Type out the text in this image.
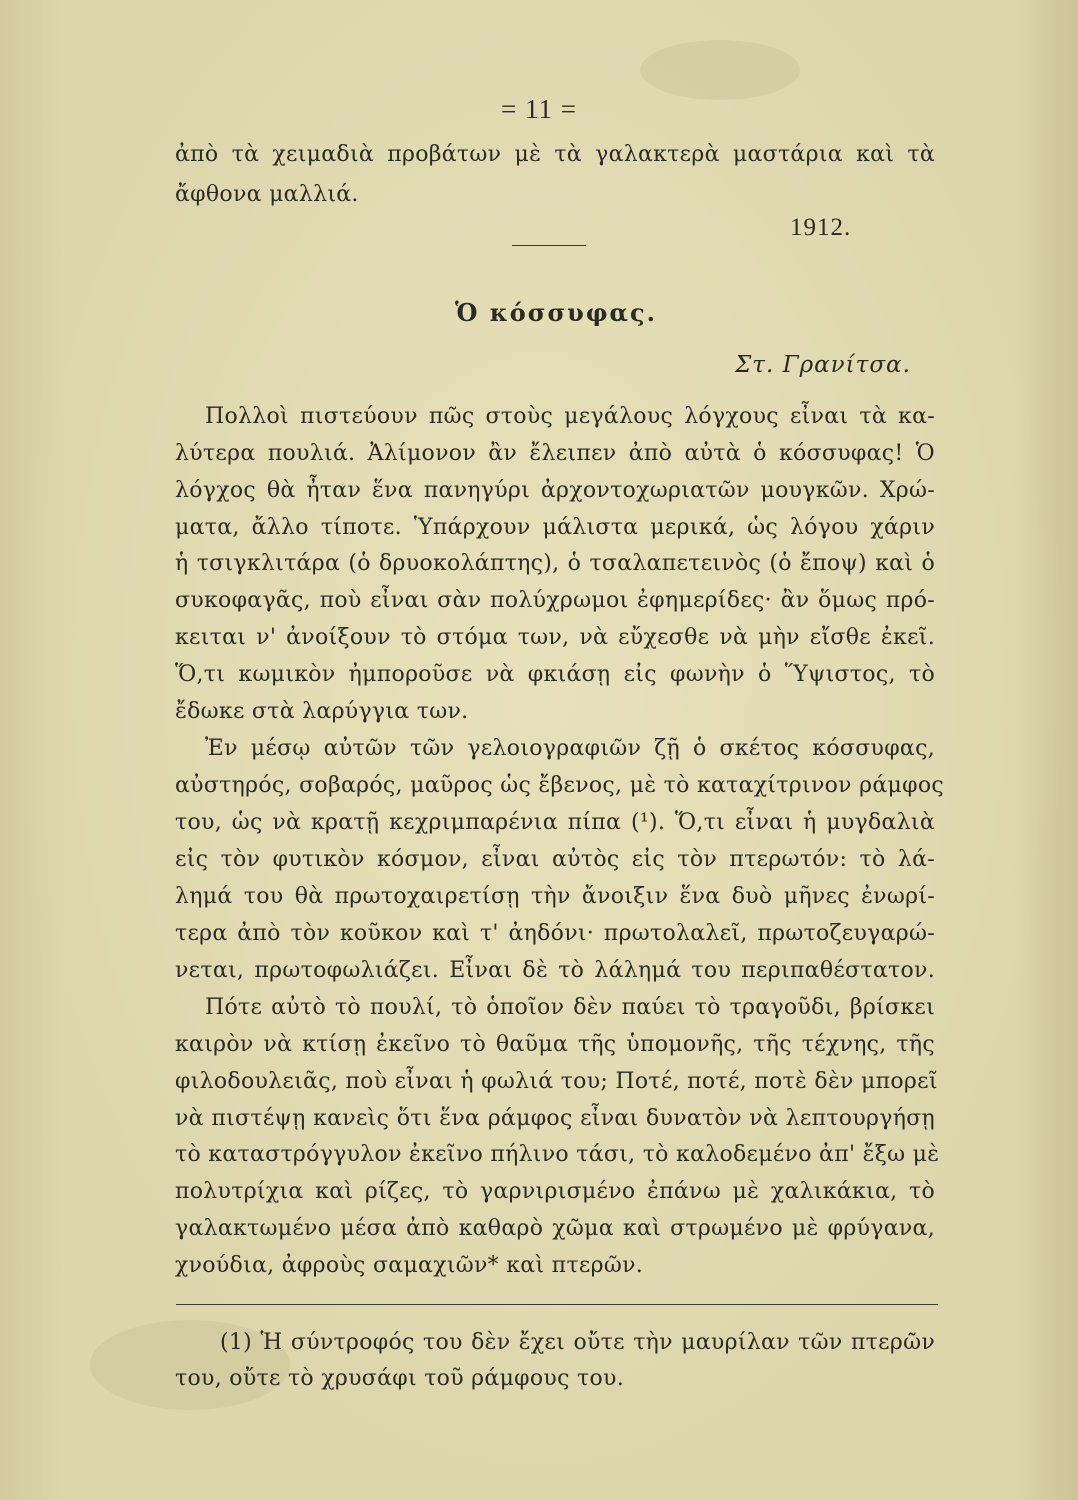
= 11 =
ἀπὸ τὰ χειμαδιὰ προβάτων μὲ τὰ γαλακτερὰ μαστάρια καὶ τὰ
ἄφθονα μαλλιά.
1912.
Ὁ κόσσυφας.
Στ. Γρανίτσα.
Πολλοὶ πιστεύουν πῶς στοὺς μεγάλους λόγχους εἶναι τὰ κα-
λύτερα πουλιά. Ἀλίμονον ἂν ἔλειπεν ἀπὸ αὐτὰ ὁ κόσσυφας! Ὁ
λόγχος θὰ ἦταν ἕνα πανηγύρι ἀρχοντοχωριατῶν μουγκῶν. Χρώ-
ματα, ἄλλο τίποτε. Ὑπάρχουν μάλιστα μερικά, ὡς λόγου χάριν
ἡ τσιγκλιτάρα (ὁ δρυοκολάπτης), ὁ τσαλαπετεινὸς (ὁ ἔποψ) καὶ ὁ
συκοφαγᾶς, ποὺ εἶναι σὰν πολύχρωμοι ἐφημερίδες· ἂν ὅμως πρό-
κειται ν' ἀνοίξουν τὸ στόμα των, νὰ εὔχεσθε νὰ μὴν εἴσθε ἐκεῖ.
Ὅ,τι κωμικὸν ἠμποροῦσε νὰ φκιάσῃ εἰς φωνὴν ὁ Ὕψιστος, τὸ
ἔδωκε στὰ λαρύγγια των.
Ἐν μέσῳ αὐτῶν τῶν γελοιογραφιῶν ζῇ ὁ σκέτος κόσσυφας,
αὐστηρός, σοβαρός, μαῦρος ὡς ἔβενος, μὲ τὸ καταχίτρινον ράμφος
του, ὡς νὰ κρατῇ κεχριμπαρένια πίπα (¹). Ὅ,τι εἶναι ἡ μυγδαλιὰ
εἰς τὸν φυτικὸν κόσμον, εἶναι αὐτὸς εἰς τὸν πτερωτόν: τὸ λά-
λημά του θὰ πρωτοχαιρετίσῃ τὴν ἄνοιξιν ἕνα δυὸ μῆνες ἐνωρί-
τερα ἀπὸ τὸν κοῦκον καὶ τ' ἀηδόνι· πρωτολαλεῖ, πρωτοζευγαρώ-
νεται, πρωτοφωλιάζει. Εἶναι δὲ τὸ λάλημά του περιπαθέστατον.
Πότε αὐτὸ τὸ πουλί, τὸ ὁποῖον δὲν παύει τὸ τραγοῦδι, βρίσκει
καιρὸν νὰ κτίσῃ ἐκεῖνο τὸ θαῦμα τῆς ὑπομονῆς, τῆς τέχνης, τῆς
φιλοδουλειᾶς, ποὺ εἶναι ἡ φωλιά του; Ποτέ, ποτέ, ποτὲ δὲν μπορεῖ
νὰ πιστέψῃ κανεὶς ὅτι ἕνα ράμφος εἶναι δυνατὸν νὰ λεπτουργήσῃ
τὸ καταστρόγγυλον ἐκεῖνο πήλινο τάσι, τὸ καλοδεμένο ἀπ' ἔξω μὲ
πολυτρίχια καὶ ρίζες, τὸ γαρνιρισμένο ἐπάνω μὲ χαλικάκια, τὸ
γαλακτωμένο μέσα ἀπὸ καθαρὸ χῶμα καὶ στρωμένο μὲ φρύγανα,
χνούδια, ἀφροὺς σαμαχιῶν* καὶ πτερῶν.
(1) Ἡ σύντροφός του δὲν ἔχει οὔτε τὴν μαυρίλαν τῶν πτερῶν
του, οὔτε τὸ χρυσάφι τοῦ ράμφους του.
